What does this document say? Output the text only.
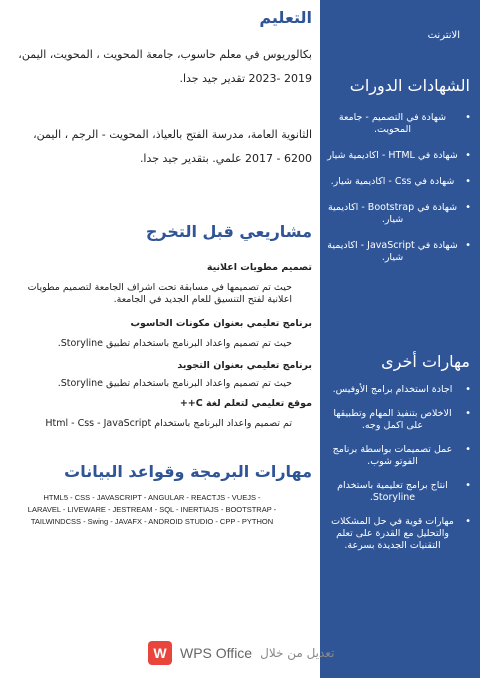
الانترنت
الشهادات الدورات
• شهادة في التصميم - جامعة المحويت.
• شهادة في HTML - اكاديمية شيار
• شهادة في Css - اكاديمية شيار.
• شهادة في Bootstrap - اكاديمية شيار.
• شهادة في JavaScript - اكاديمية شيار.
مهارات أخرى
• اجادة استخدام برامج الأوفيس.
• الاخلاص بتنفيذ المهام وتطبيقها على اكمل وجه.
• عمل تصميمات بواسطة برنامج الفوتو شوب.
• انتاج برامج تعليمية باستخدام Storyline.
• مهارات قوية في حل المشكلات والتحليل مع القدرة على تعلم التقنيات الجديدة بسرعة.
التعليم

بكالوريوس في معلم حاسوب، جامعة المحويت ، المحويت، اليمن،

2019 -2023 تقدير جيد جدا.

الثانوية العامة، مدرسة الفتح بالعياذ، المحويت - الرجم ، اليمن،

6200 - 2017 علمي. بتقدير جيد جدا.

مشاريعي قبل التخرج

تصميم مطويات اعلانية

حيث تم تصميمها في مسابقة تحت اشراف الجامعة لتصميم مطويات اعلانية لفتح التنسيق للعام الجديد في الجامعة.

برنامج تعليمي بعنوان مكونات الحاسوب

حيث تم تصميم واعداد البرنامج باستخدام تطبيق Storyline.

برنامج تعليمي بعنوان التجويد

حيث تم تصميم واعداد البرنامج باستخدام تطبيق Storyline.

موقع تعليمي لتعلم لغة C++

تم تصميم واعداد البرنامج باستخدام Html - Css - JavaScript

مهارات البرمجة وقواعد البيانات

HTML5 - CSS - JAVASCRIPT - ANGULAR - REACTJS - VUEJS -

LARAVEL - LIVEWARE - JESTREAM - SQL - INERTIAJS - BOOTSTRAP -

TAILWINDCSS - Swing - JAVAFX - ANDROID STUDIO - CPP - PYTHON

W WPS Office تعديل من خلال
